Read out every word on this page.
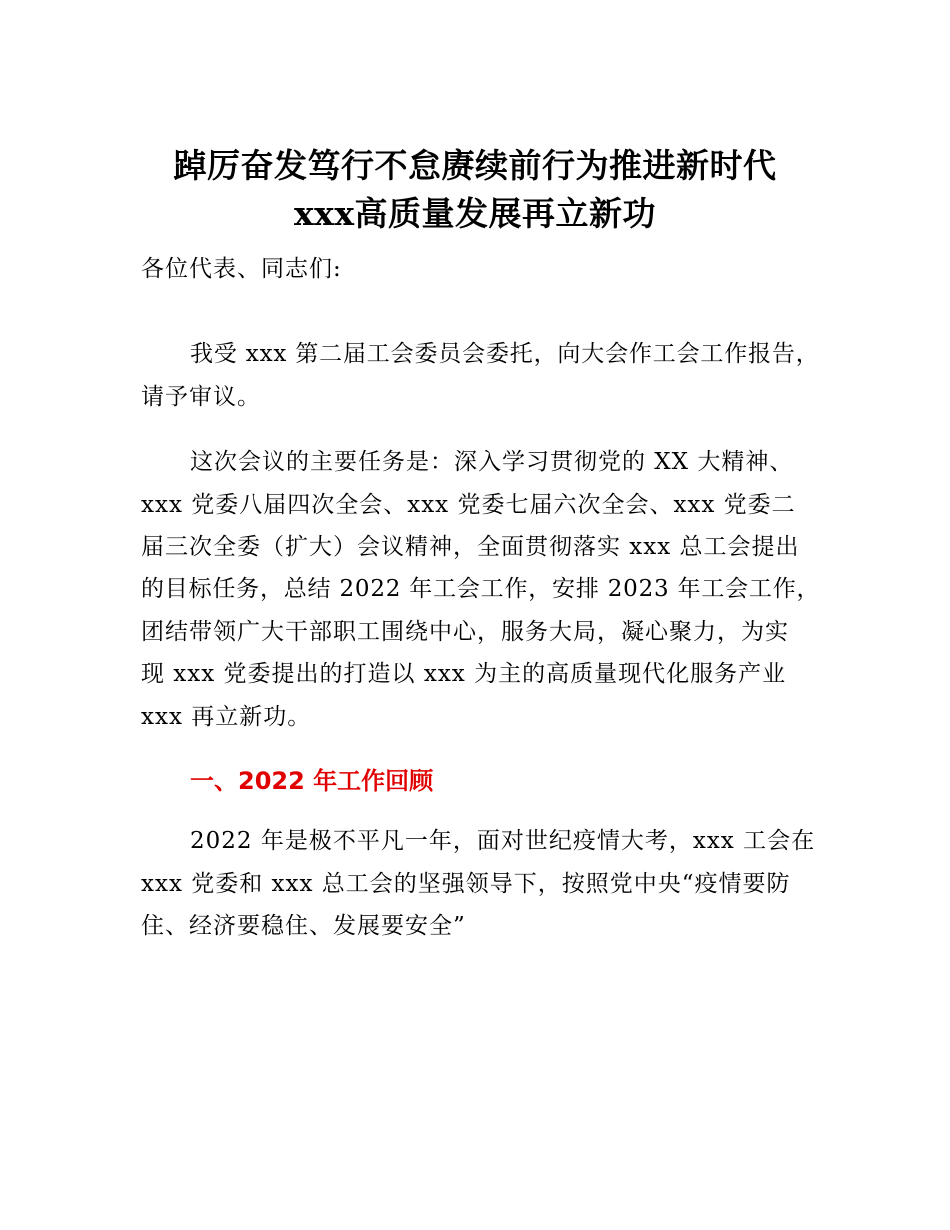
踔厉奋发笃行不怠赓续前行为推进新时代
xxx高质量发展再立新功

各位代表、同志们:

我受 xxx 第二届工会委员会委托，向大会作工会工作报告，

请予审议。

这次会议的主要任务是：深入学习贯彻党的 XX 大精神、

xxx 党委八届四次全会、xxx 党委七届六次全会、xxx 党委二

届三次全委（扩大）会议精神，全面贯彻落实 xxx 总工会提出

的目标任务，总结 2022 年工会工作，安排 2023 年工会工作，

团结带领广大干部职工围绕中心，服务大局，凝心聚力，为实

现 xxx 党委提出的打造以 xxx 为主的高质量现代化服务产业

xxx 再立新功。

一、2022 年工作回顾

2022 年是极不平凡一年，面对世纪疫情大考，xxx 工会在

xxx 党委和 xxx 总工会的坚强领导下，按照党中央“疫情要防

住、经济要稳住、发展要安全”
